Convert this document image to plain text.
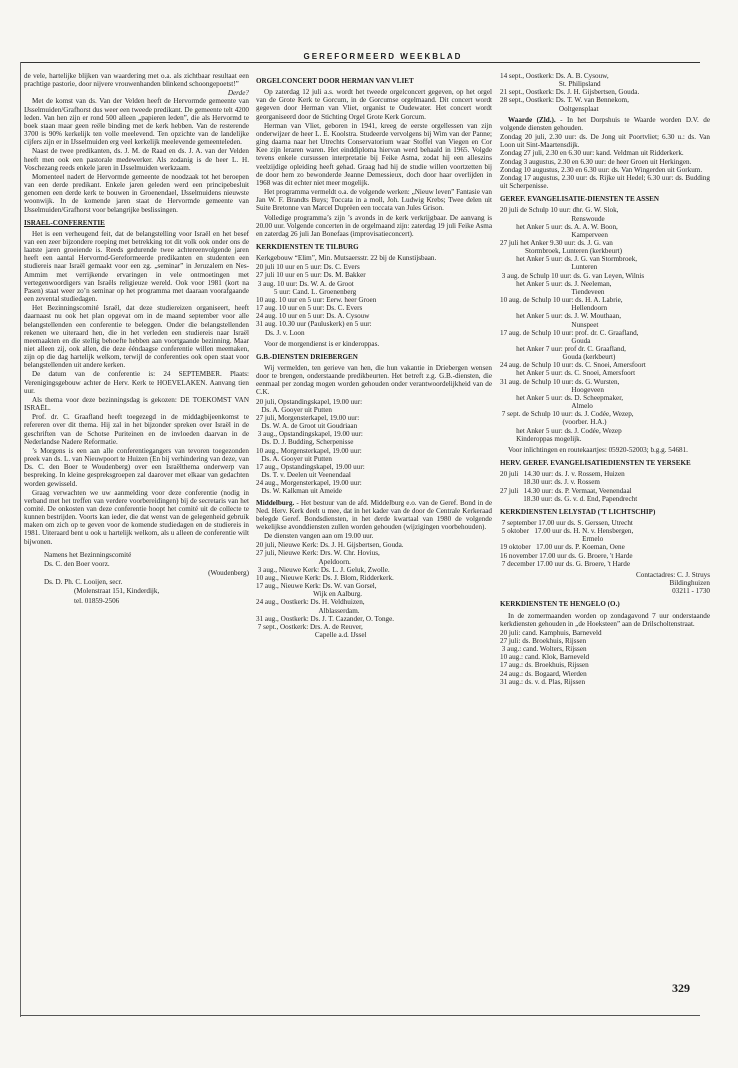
GEREFORMEERD WEEKBLAD

de vele, hartelijke blijken van waardering met o.a. als zichtbaar resultaat een prachtige pastorie, door nijvere vrouwenhanden blinkend schoongepoetst!”

Derde?

Met de komst van ds. Van der Velden heeft de Hervormde gemeente van IJsselmuiden/Grafhorst dus weer een tweede predikant. De gemeente telt 4200 leden. Van hen zijn er rond 500 alleen „papieren leden”, die als Hervormd te boek staan maar geen reële binding met de kerk hebben. Van de resterende 3700 is 90% kerkelijk ten volle meelevend. Ten opzichte van de landelijke cijfers zijn er in IJsselmuiden erg veel kerkelijk meelevende gemeenteleden.

Naast de twee predikanten, ds. J. M. de Raad en ds. J. A. van der Velden heeft men ook een pastorale medewerker. Als zodanig is de heer L. H. Voschezang reeds enkele jaren in IJsselmuiden werkzaam.

Momenteel nadert de Hervormde gemeente de noodzaak tot het beroepen van een derde predikant. Enkele jaren geleden werd een principebesluit genomen een derde kerk te bouwen in Groenendael, IJsselmuidens nieuwste woonwijk. In de komende jaren staat de Hervormde gemeente van IJsselmuiden/Grafhorst voor belangrijke beslissingen.

ISRAEL-CONFERENTIE

Het is een verheugend feit, dat de belangstelling voor Israël en het besef van een zeer bijzondere roeping met betrekking tot dit volk ook onder ons de laatste jaren groeiende is. Reeds gedurende twee achtereenvolgende jaren heeft een aantal Hervormd-Gereformeerde predikanten en studenten een studiereis naar Israël gemaakt voor een zg. „seminar” in Jeruzalem en Nes-Ammim met verrijkende ervaringen in vele ontmoetingen met vertegenwoordigers van Israëls religieuze wereld. Ook voor 1981 (kort na Pasen) staat weer zo’n seminar op het programma met daaraan voorafgaande een zevental studiedagen.

Het Bezinningscomité Israël, dat deze studiereizen organiseert, heeft daarnaast nu ook het plan opgevat om in de maand september voor alle belangstellenden een conferentie te beleggen. Onder die belangstellenden rekenen we uiteraard hen, die in het verleden een studiereis naar Israël meemaakten en die stellig behoefte hebben aan voortgaande bezinning. Maar niet alleen zij, ook allen, die deze ééndaagse conferentie willen meemaken, zijn op die dag hartelijk welkom, terwijl de conferenties ook open staat voor belangstellenden uit andere kerken.

De datum van de conferentie is: 24 SEPTEMBER. Plaats: Verenigingsgebouw achter de Herv. Kerk te HOEVELAKEN. Aanvang tien uur.

Als thema voor deze bezinningsdag is gekozen: DE TOEKOMST VAN ISRAËL.

Prof. dr. C. Graafland heeft toegezegd in de middagbijeenkomst te refereren over dit thema. Hij zal in het bijzonder spreken over Israël in de geschriften van de Schotse Puriteinen en de invloeden daarvan in de Nederlandse Nadere Reformatie.

’s Morgens is een aan alle conferentiegangers van tevoren toegezonden preek van ds. L. van Nieuwpoort te Huizen (En bij verhindering van deze, van Ds. C. den Boer te Woudenberg) over een Israëlthema onderwerp van bespreking. In kleine gespreksgroepen zal daarover met elkaar van gedachten worden gewisseld.

Graag verwachten we uw aanmelding voor deze conferentie (nodig in verband met het treffen van verdere voorbereidingen) bij de secretaris van het comité. De onkosten van deze conferentie hoopt het comité uit de collecte te kunnen bestrijden. Voorts kan ieder, die dat wenst van de gelegenheid gebruik maken om zich op te geven voor de komende studiedagen en de studiereis in 1981. Uiteraard bent u ook u hartelijk welkom, als u alleen de conferentie wilt bijwonen.

Namens het Bezinningscomité
Ds. C. den Boer voorz.
(Woudenberg)
Ds. D. Ph. C. Looijen, secr.
(Molenstraat 151, Kinderdijk,
tel. 01859-2506
ORGELCONCERT DOOR HERMAN VAN VLIET

Op zaterdag 12 juli a.s. wordt het tweede orgelconcert gegeven, op het orgel van de Grote Kerk te Gorcum, in de Gorcumse orgelmaand. Dit concert wordt gegeven door Herman van Vliet, organist te Oudewater. Het concert wordt georganiseerd door de Stichting Orgel Grote Kerk Gorcum.

Herman van Vliet, geboren in 1941, kreeg de eerste orgellessen van zijn onderwijzer de heer L. E. Koolstra. Studeerde vervolgens bij Wim van der Panne; ging daarna naar het Utrechts Conservatorium waar Stoffel van Viegen en Cor Kee zijn leraren waren. Het einddiploma hiervan werd behaald in 1965. Volgde tevens enkele cursussen interpretatie bij Feike Asma, zodat hij een alleszins veelzijdige opleiding heeft gehad. Graag had hij de studie willen voortzetten bij de door hem zo bewonderde Jeanne Demessieux, doch door haar overlijden in 1968 was dit echter niet meer mogelijk.

Het programma vermeldt o.a. de volgende werken: „Nieuw leven” Fantasie van Jan W. F. Brandts Buys; Toccata in a moll, Joh. Ludwig Krebs; Twee delen uit Suite Bretonne van Marcel Duprèen een toccata van Jules Grison.

Volledige programma’s zijn ’s avonds in de kerk verkrijgbaar. De aanvang is 20.00 uur. Volgende concerten in de orgelmaand zijn: zaterdag 19 juli Feike Asma en zaterdag 26 juli Jan Bonefaas (improvisatieconcert).

KERKDIENSTEN TE TILBURG

Kerkgebouw “Elim”, Min. Mutsaersstr. 22 bij de Kunstijsbaan.

20 juli 10 uur en 5 uur: Ds. C. Evers
27 juli 10 uur en 5 uur: Ds. M. Bakker
3 aug. 10 uur: Ds. W. A. de Groot
5 uur: Cand. L. Groenenberg
10 aug. 10 uur en 5 uur: Eerw. heer Groen
17 aug. 10 uur en 5 uur: Ds. C. Evers
24 aug. 10 uur en 5 uur: Ds. A. Cysouw
31 aug. 10.30 uur (Pauluskerk) en 5 uur:
Ds. J. v. Loon

Voor de morgendienst is er kinderoppas.

G.B.-DIENSTEN DRIEBERGEN

Wij vermelden, ten gerieve van hen, die hun vakantie in Driebergen wensen door te brengen, onderstaande predikbeurten. Het betreft z.g. G.B.-diensten, die eenmaal per zondag mogen worden gehouden onder verantwoordelijkheid van de C.K.

20 juli, Opstandingskapel, 19.00 uur:
Ds. A. Gooyer uit Putten
27 juli, Morgensterkapel, 19.00 uur:
Ds. W. A. de Groot uit Goudriaan
3 aug., Opstandingskapel, 19.00 uur:
Ds. D. J. Budding, Scherpenisse
10 aug., Morgensterkapel, 19.00 uur:
Ds. A. Gooyer uit Putten
17 aug., Opstandingskapel, 19.00 uur:
Ds. T. v. Deelen uit Veenendaal
24 aug., Morgensterkapel, 19.00 uur:
Ds. W. Kalkman uit Ameide

Middelburg. - Het bestuur van de afd. Middelburg e.o. van de Geref. Bond in de Ned. Herv. Kerk deelt u mee, dat in het kader van de door de Centrale Kerkeraad belegde Geref. Bondsdiensten, in het derde kwartaal van 1980 de volgende wekelijkse avonddiensten zullen worden gehouden (wijzigingen voorbehouden).

De diensten vangen aan om 19.00 uur.

20 juli, Nieuwe Kerk: Ds. J. H. Gijsbertsen, Gouda.
27 juli, Nieuwe Kerk: Drs. W. Chr. Hovius,
Apeldoorn.
3 aug., Nieuwe Kerk: Ds. L. J. Geluk, Zwolle.
10 aug., Nieuwe Kerk: Ds. J. Blom, Ridderkerk.
17 aug., Nieuwe Kerk: Ds. W. van Gorsel,
Wijk en Aalburg.
24 aug., Oostkerk: Ds. H. Veldhuizen,
Alblasserdam.
31 aug., Oostkerk: Ds. J. T. Cazander, O. Tonge.
7 sept., Oostkerk: Drs. A. de Reuver,
Capelle a.d. IJssel
14 sept., Oostkerk: Ds. A. B. Cysouw,
St. Philipsland
21 sept., Oostkerk: Ds. J. H. Gijsbertsen, Gouda.
28 sept., Oostkerk: Ds. T. W. van Bennekom,
Ooltgensplaat

Waarde (Zld.). - In het Dorpshuis te Waarde worden D.V. de volgende diensten gehouden.

Zondag 20 juli, 2.30 uur: ds. De Jong uit Poortvliet; 6.30 u.: ds. Van Loon uit Sint-Maartensdijk.
Zondag 27 juli, 2.30 en 6.30 uur: kand. Veldman uit Ridderkerk.
Zondag 3 augustus, 2.30 en 6.30 uur: de heer Groen uit Herkingen.
Zondag 10 augustus, 2.30 en 6.30 uur: ds. Van Wingerden uit Gorkum.
Zondag 17 augustus, 2.30 uur: ds. Rijke uit Hedel; 6.30 uur: ds. Budding uit Scherpenisse.
GEREF. EVANGELISATIE-DIENSTEN TE ASSEN
20 juli de Schulp 10 uur: dhr. G. W. Slok,
Renswoude
het Anker 5 uur: ds. A. A. W. Boon,
Kamperveen
27 juli het Anker 9.30 uur: ds. J. G. van
Stormbroek, Lunteren (kerkbeurt)
het Anker 5 uur: ds. J. G. van Stormbroek,
Lunteren
3 aug. de Schulp 10 uur: ds. G. van Leyen, Wilnis
het Anker 5 uur: ds. J. Neeleman,
Tiendeveen
10 aug. de Schulp 10 uur: ds. H. A. Labrie,
Hellendoorn
het Anker 5 uur: ds. J. W. Mouthaan,
Nunspeet
17 aug. de Schulp 10 uur: prof. dr. C. Graafland,
Gouda
het Anker 7 uur: prof dr. C. Graafland,
Gouda (kerkbeurt)
24 aug. de Schulp 10 uur: ds. C. Snoei, Amersfoort
het Anker 5 uur: ds. C. Snoei, Amersfoort
31 aug. de Schulp 10 uur: ds. G. Wursten,
Hoogeveen
het Anker 5 uur: ds. D. Scheepmaker,
Almelo
7 sept. de Schulp 10 uur: ds. J. Codée, Wezep,
(voorber. H.A.)
het Anker 5 uur: ds. J. Codée, Wezep
Kinderoppas mogelijk.

Voor inlichtingen en routekaartjes: 05920-52003; b.g.g. 54681.

HERV. GEREF. EVANGELISATIEDIENSTEN TE YERSEKE
20 juli   14.30 uur: ds. J. v. Rossem, Huizen
18.30 uur: ds. J. v. Rossem
27 juli   14.30 uur: ds. P. Vermaat, Veenendaal
18.30 uur: ds. G. v. d. End, Papendrecht
KERKDIENSTEN LELYSTAD ('T LICHTSCHIP)
7 september 17.00 uur ds. S. Gerssen, Utrecht
5 oktober   17.00 uur ds. H. N. v. Hensbergen,
Ermelo
19 oktober   17.00 uur ds. P. Koeman, Oene
16 november 17.00 uur ds. G. Broere, 't Harde
7 december 17.00 uur ds. G. Broere, 't Harde
Contactadres: C. J. Struys
Bildinghuizen
03211 - 1730
KERKDIENSTEN TE HENGELO (O.)

In de zomermaanden worden op zondagavond 7 uur onderstaande kerkdiensten gehouden in „de Hoeksteen” aan de Drilscholtenstraat.

20 juli: cand. Kamphuis, Barneveld
27 juli: ds. Broekhuis, Rijssen
3 aug.: cand. Wolters, Rijssen
10 aug.: cand. Klok, Barneveld
17 aug.: ds. Broekhuis, Rijssen
24 aug.: ds. Bogaard, Wierden
31 aug.: ds. v. d. Plas, Rijssen
329
